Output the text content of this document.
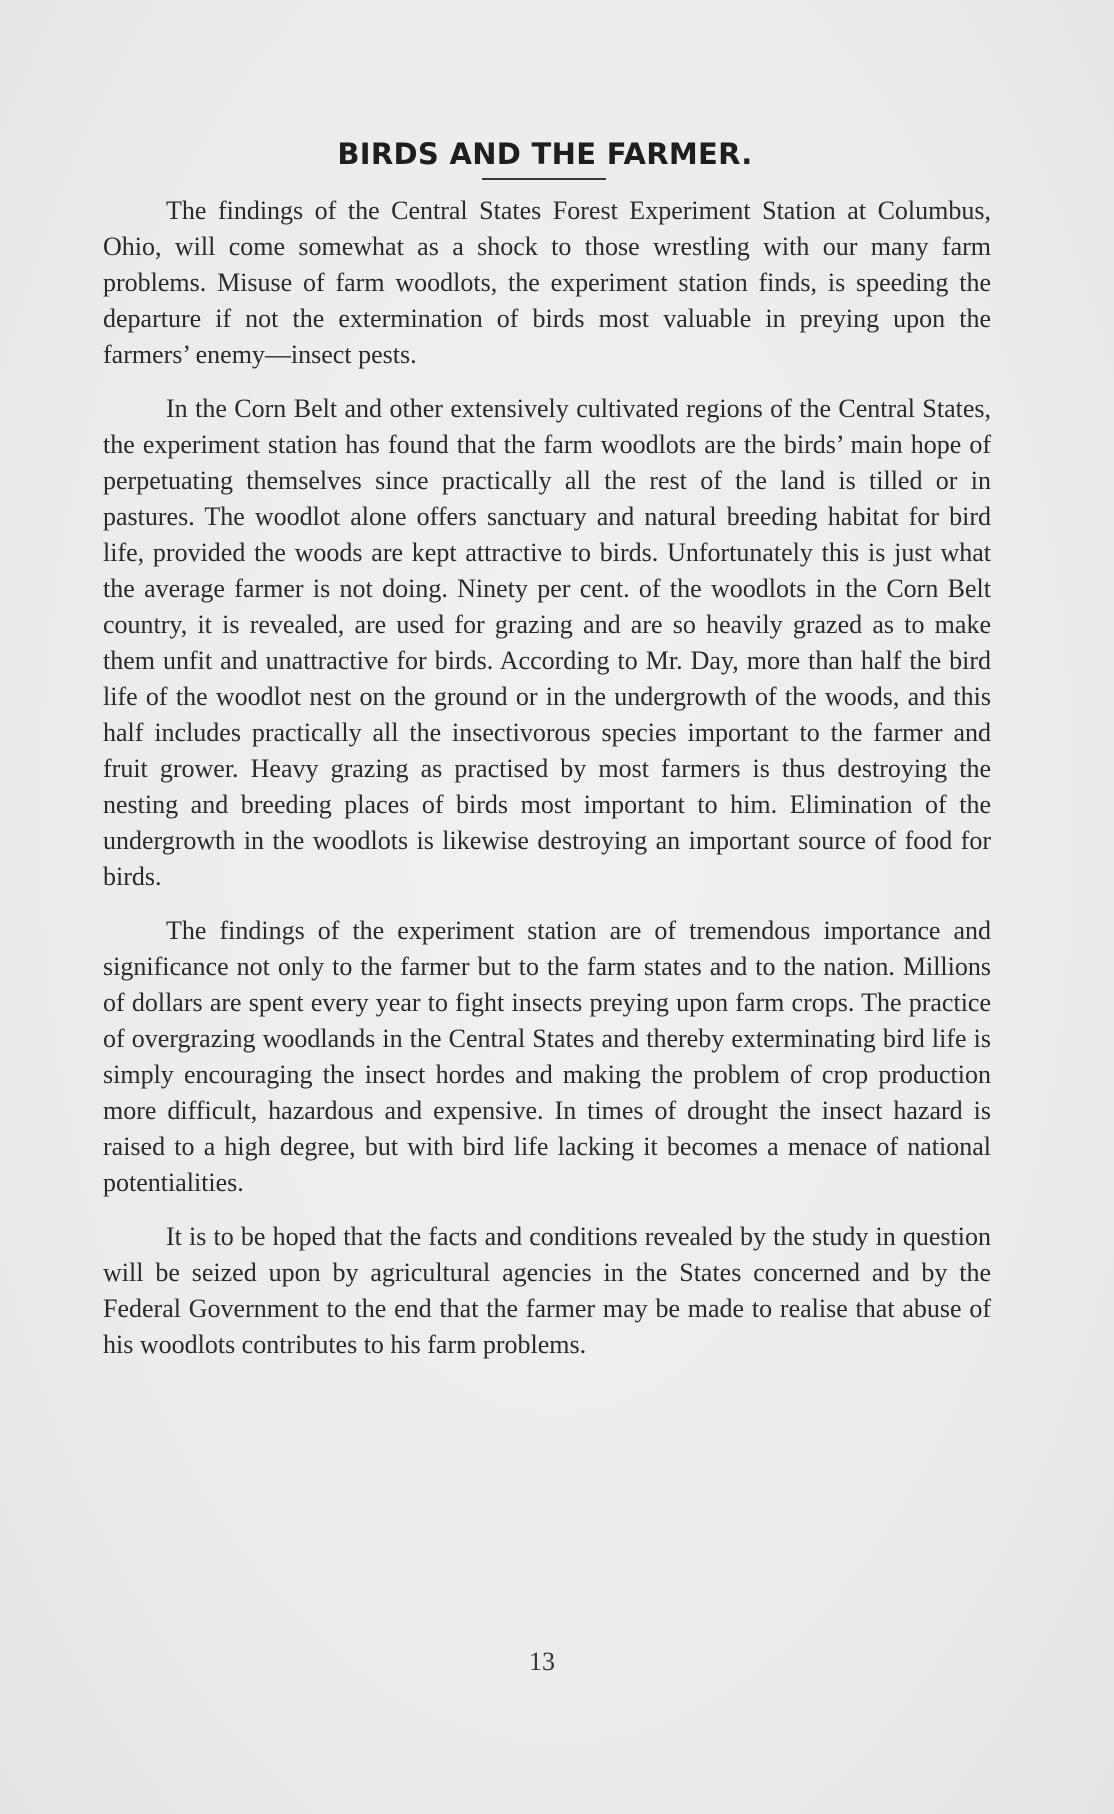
BIRDS AND THE FARMER.

The findings of the Central States Forest Experiment Station at Columbus, Ohio, will come somewhat as a shock to those wrestling with our many farm problems. Misuse of farm woodlots, the experiment station finds, is speeding the departure if not the extermination of birds most valuable in preying upon the farmers’ enemy—insect pests.

In the Corn Belt and other extensively cultivated regions of the Central States, the experiment station has found that the farm woodlots are the birds’ main hope of perpetuating themselves since practically all the rest of the land is tilled or in pastures. The woodlot alone offers sanctuary and natural breeding habitat for bird life, provided the woods are kept attractive to birds. Unfortunately this is just what the average farmer is not doing. Ninety per cent. of the woodlots in the Corn Belt country, it is revealed, are used for grazing and are so heavily grazed as to make them unfit and unattractive for birds. According to Mr. Day, more than half the bird life of the woodlot nest on the ground or in the undergrowth of the woods, and this half includes practically all the insectivorous species important to the farmer and fruit grower. Heavy grazing as practised by most farmers is thus destroying the nesting and breeding places of birds most important to him. Elimination of the undergrowth in the woodlots is likewise destroying an important source of food for birds.

The findings of the experiment station are of tremendous importance and significance not only to the farmer but to the farm states and to the nation. Millions of dollars are spent every year to fight insects preying upon farm crops. The practice of overgrazing woodlands in the Central States and thereby exterminating bird life is simply encouraging the insect hordes and making the problem of crop production more difficult, hazardous and expensive. In times of drought the insect hazard is raised to a high degree, but with bird life lacking it becomes a menace of national potentialities.

It is to be hoped that the facts and conditions revealed by the study in question will be seized upon by agricultural agencies in the States concerned and by the Federal Government to the end that the farmer may be made to realise that abuse of his woodlots contributes to his farm problems.

13
